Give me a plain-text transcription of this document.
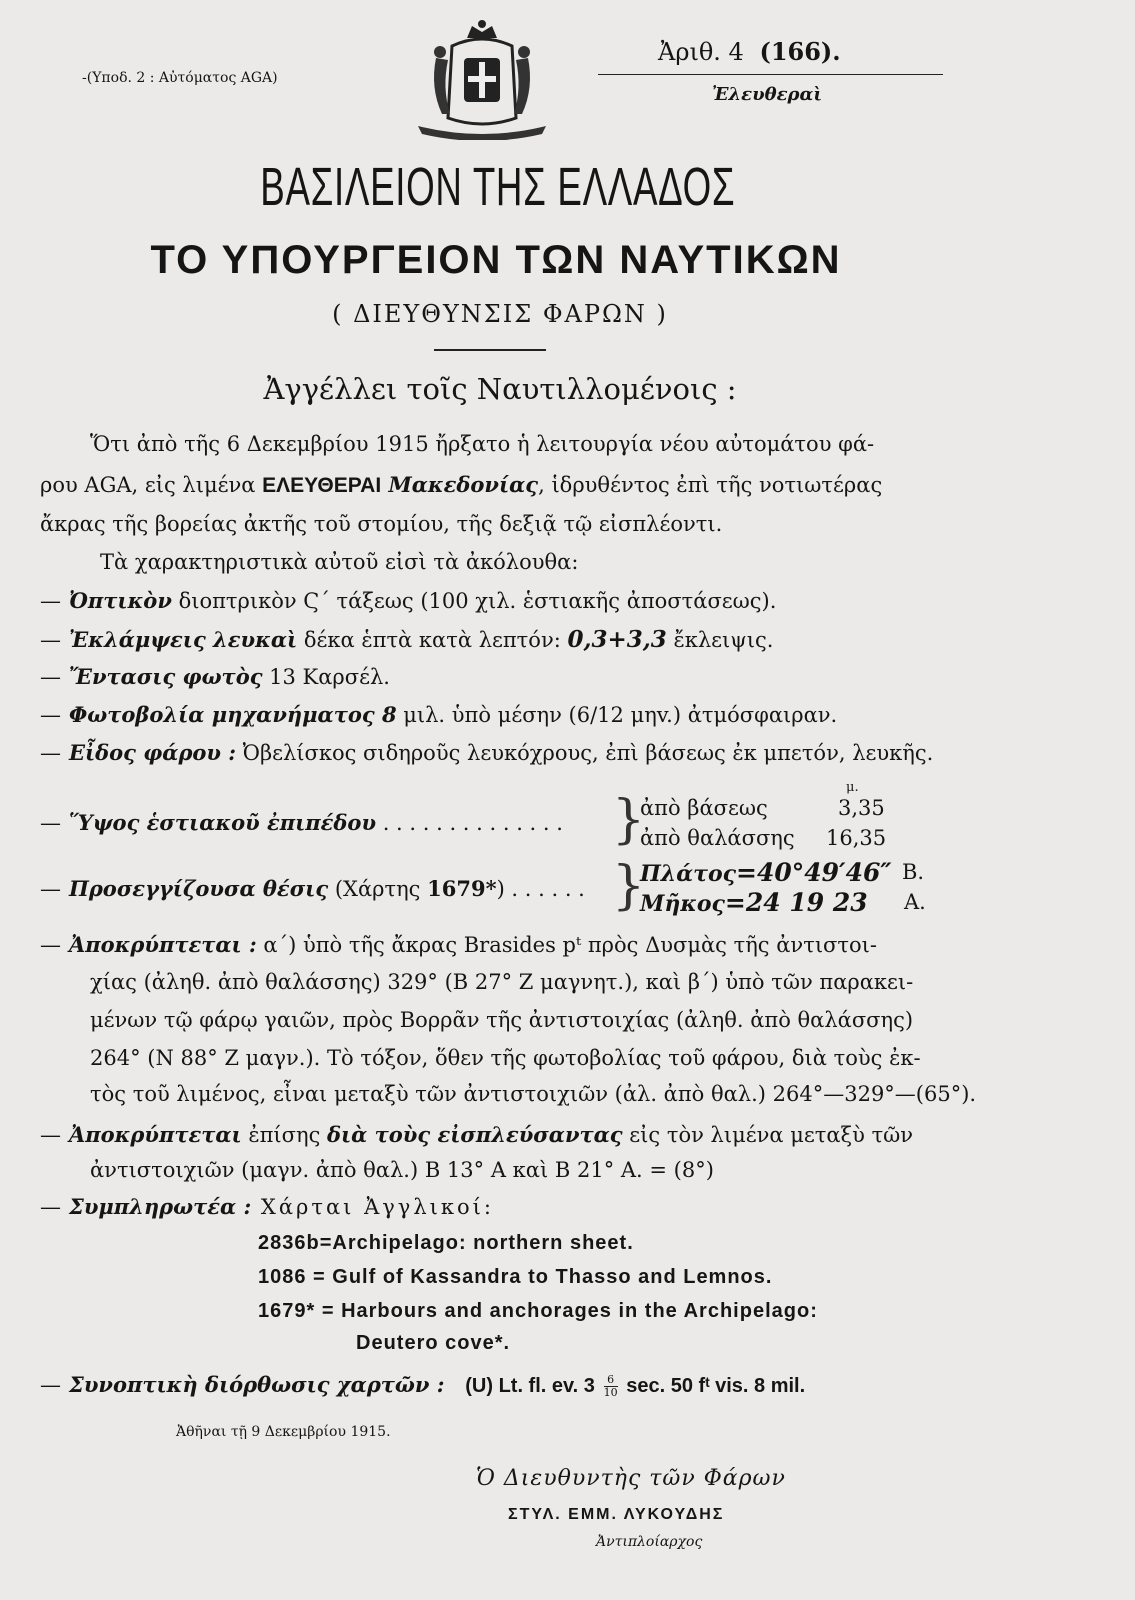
-(Υποδ. 2 : Αὐτόματος AGA)
Ἀριθ. 4 (166).
Ἐλευθεραὶ
ΒΑΣΙΛΕΙΟΝ ΤΗΣ ΕΛΛΑΔΟΣ
ΤΟ ΥΠΟΥΡΓΕΙΟΝ ΤΩΝ ΝΑΥΤΙΚΩΝ
( ΔΙΕΥΘΥΝΣΙΣ ΦΑΡΩΝ )
Ἀγγέλλει τοῖς Ναυτιλλομένοις :
Ὅτι ἀπὸ τῆς 6 Δεκεμβρίου 1915 ἤρξατο ἡ λειτουργία νέου αὐτομάτου φά-
ρου AGA, εἰς λιμένα ΕΛΕΥΘΕΡΑΙ Μακεδονίας, ἱδρυθέντος ἐπὶ τῆς νοτιωτέρας
ἄκρας τῆς βορείας ἀκτῆς τοῦ στομίου, τῆς δεξιᾷ τῷ εἰσπλέοντι.
Τὰ χαρακτηριστικὰ αὐτοῦ εἰσὶ τὰ ἀκόλουθα:
— Ὀπτικὸν διοπτρικὸν Ϛ΄ τάξεως (100 χιλ. ἑστιακῆς ἀποστάσεως).
— Ἐκλάμψεις λευκαὶ δέκα ἑπτὰ κατὰ λεπτόν: 0,3+3,3 ἔκλειψις.
— Ἔντασις φωτὸς 13 Καρσέλ.
— Φωτοβολία μηχανήματος 8 μιλ. ὑπὸ μέσην (6/12 μηv.) ἀτμόσφαιραν.
— Εἶδος φάρου : Ὀβελίσκος σιδηροῦς λευκόχρους, ἐπὶ βάσεως ἐκ μπετόν, λευκῆς.
μ.
— Ὕψος ἑστιακοῦ ἐπιπέδου . . . . . . . . . . . . . . }
ἀπὸ βάσεως	3,35
ἀπὸ θαλάσσης 16,35
— Προσεγγίζουσα θέσις (Χάρτης 1679*) . . . . . . }
Πλάτος=40°49′46″ Β.
Μῆκος=24 19 23 Α.
— Ἀποκρύπτεται : α΄) ὑπὸ τῆς ἄκρας Brasides pᵗ πρὸς Δυσμὰς τῆς ἀντιστοι-
χίας (ἀληθ. ἀπὸ θαλάσσης) 329° (Β 27° Ζ μαγνητ.), καὶ β΄) ὑπὸ τῶν παρακει-
μένων τῷ φάρῳ γαιῶν, πρὸς Βορρᾶν τῆς ἀντιστοιχίας (ἀληθ. ἀπὸ θαλάσσης)
264° (Ν 88° Ζ μαγν.). Τὸ τόξον, ὅθεν τῆς φωτοβολίας τοῦ φάρου, διὰ τοὺς ἐκ-
τὸς τοῦ λιμένος, εἶναι μεταξὺ τῶν ἀντιστοιχιῶν (ἀλ. ἀπὸ θαλ.) 264°—329°—(65°).
— Ἀποκρύπτεται ἐπίσης διὰ τοὺς εἰσπλεύσαντας εἰς τὸν λιμένα μεταξὺ τῶν
ἀντιστοιχιῶν (μαγν. ἀπὸ θαλ.) Β 13° Α καὶ Β 21° Α. = (8°)
— Συμπληρωτέα : Χάρται Ἀγγλικοί:
2836b=Archipelago: northern sheet.
1086 = Gulf of Kassandra to Thasso and Lemnos.
1679* = Harbours and anchorages in the Archipelago:
Deutero cove*.
— Συνοπτικὴ διόρθωσις χαρτῶν : (U) Lt. fl. ev. $3 \frac{6}{10} \sec$. 50 fᵗ vis. 8 mil.
Ἀθῆναι τῇ 9 Δεκεμβρίου 1915.
Ὁ Διευθυντὴς τῶν Φάρων
ΣΤΥΛ. ΕΜΜ. ΛΥΚΟΥΔΗΣ
Ἀντιπλοίαρχος
